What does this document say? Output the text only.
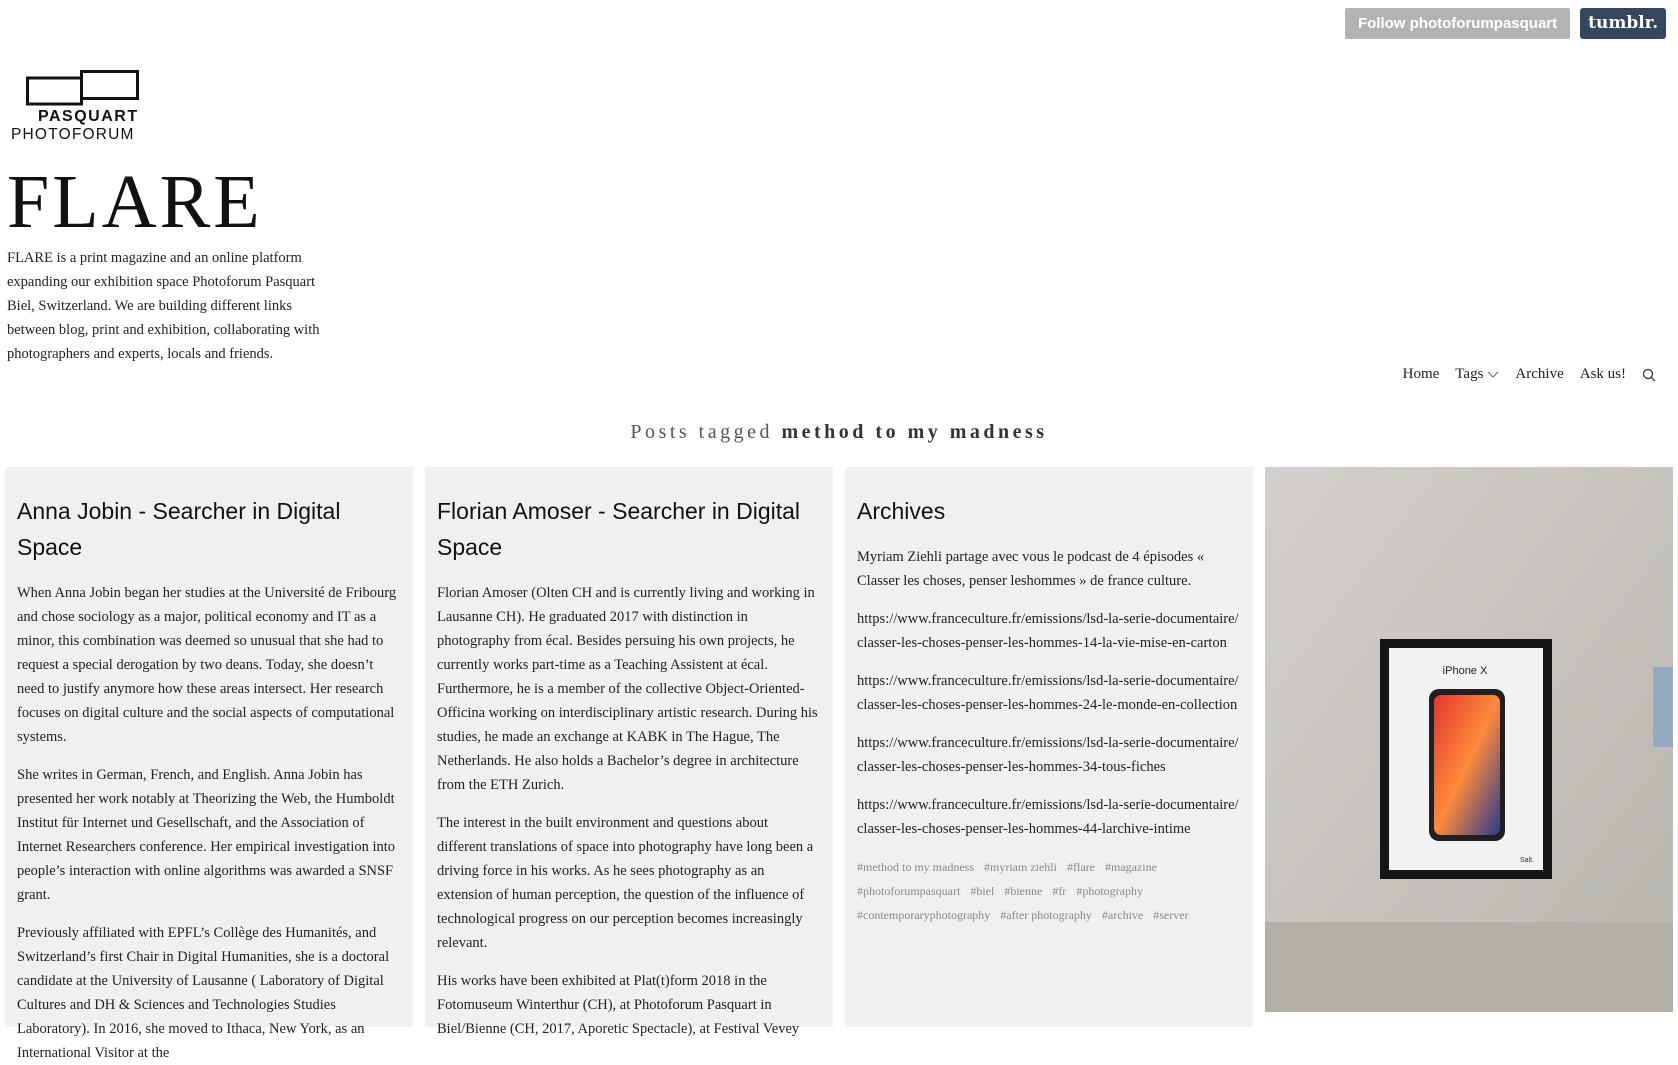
Follow photoforumpasquart	tumblr.
PASQUART
PHOTOFORUM
FLARE
FLARE is a print magazine and an online platform expanding our exhibition space Photoforum Pasquart Biel, Switzerland. We are building different links between blog, print and exhibition, collaborating with photographers and experts, locals and friends.
Home Tags Archive Ask us!
Posts tagged method to my madness
Anna Jobin - Searcher in Digital Space

When Anna Jobin began her studies at the Université de Fribourg and chose sociology as a major, political economy and IT as a minor, this combination was deemed so unusual that she had to request a special derogation by two deans. Today, she doesn’t need to justify anymore how these areas intersect. Her research focuses on digital culture and the social aspects of computational systems.

She writes in German, French, and English. Anna Jobin has presented her work notably at Theorizing the Web, the Humboldt Institut für Internet und Gesellschaft, and the Association of Internet Researchers conference. Her empirical investigation into people’s interaction with online algorithms was awarded a SNSF grant.

Previously affiliated with EPFL’s Collège des Humanités, and Switzerland’s first Chair in Digital Humanities, she is a doctoral candidate at the University of Lausanne ( Laboratory of Digital Cultures and DH & Sciences and Technologies Studies Laboratory). In 2016, she moved to Ithaca, New York, as an International Visitor at the

Florian Amoser - Searcher in Digital Space

Florian Amoser (Olten CH and is currently living and working in Lausanne CH). He graduated 2017 with distinction in photography from écal. Besides persuing his own projects, he currently works part-time as a Teaching Assistent at écal. Furthermore, he is a member of the collective Object-Oriented-Officina working on interdisciplinary artistic research. During his studies, he made an exchange at KABK in The Hague, The Netherlands. He also holds a Bachelor’s degree in architecture from the ETH Zurich.

The interest in the built environment and questions about different translations of space into photography have long been a driving force in his works. As he sees photography as an extension of human perception, the question of the influence of technological progress on our perception becomes increasingly relevant.

His works have been exhibited at Plat(t)form 2018 in the Fotomuseum Winterthur (CH), at Photoforum Pasquart in Biel/Bienne (CH, 2017, Aporetic Spectacle), at Festival Vevey

Archives

Myriam Ziehli partage avec vous le podcast de 4 épisodes « Classer les choses, penser leshommes » de france culture.

https://www.franceculture.fr/emissions/lsd-la-serie-documentaire/classer-les-choses-penser-les-hommes-14-la-vie-mise-en-carton

https://www.franceculture.fr/emissions/lsd-la-serie-documentaire/classer-les-choses-penser-les-hommes-24-le-monde-en-collection

https://www.franceculture.fr/emissions/lsd-la-serie-documentaire/classer-les-choses-penser-les-hommes-34-tous-fiches

https://www.franceculture.fr/emissions/lsd-la-serie-documentaire/classer-les-choses-penser-les-hommes-44-larchive-intime

#method to my madness #myriam ziehli #flare #magazine #photoforumpasquart #biel #bienne #fr #photography #contemporaryphotography #after photography #archive #server
iPhone X
Salt.
